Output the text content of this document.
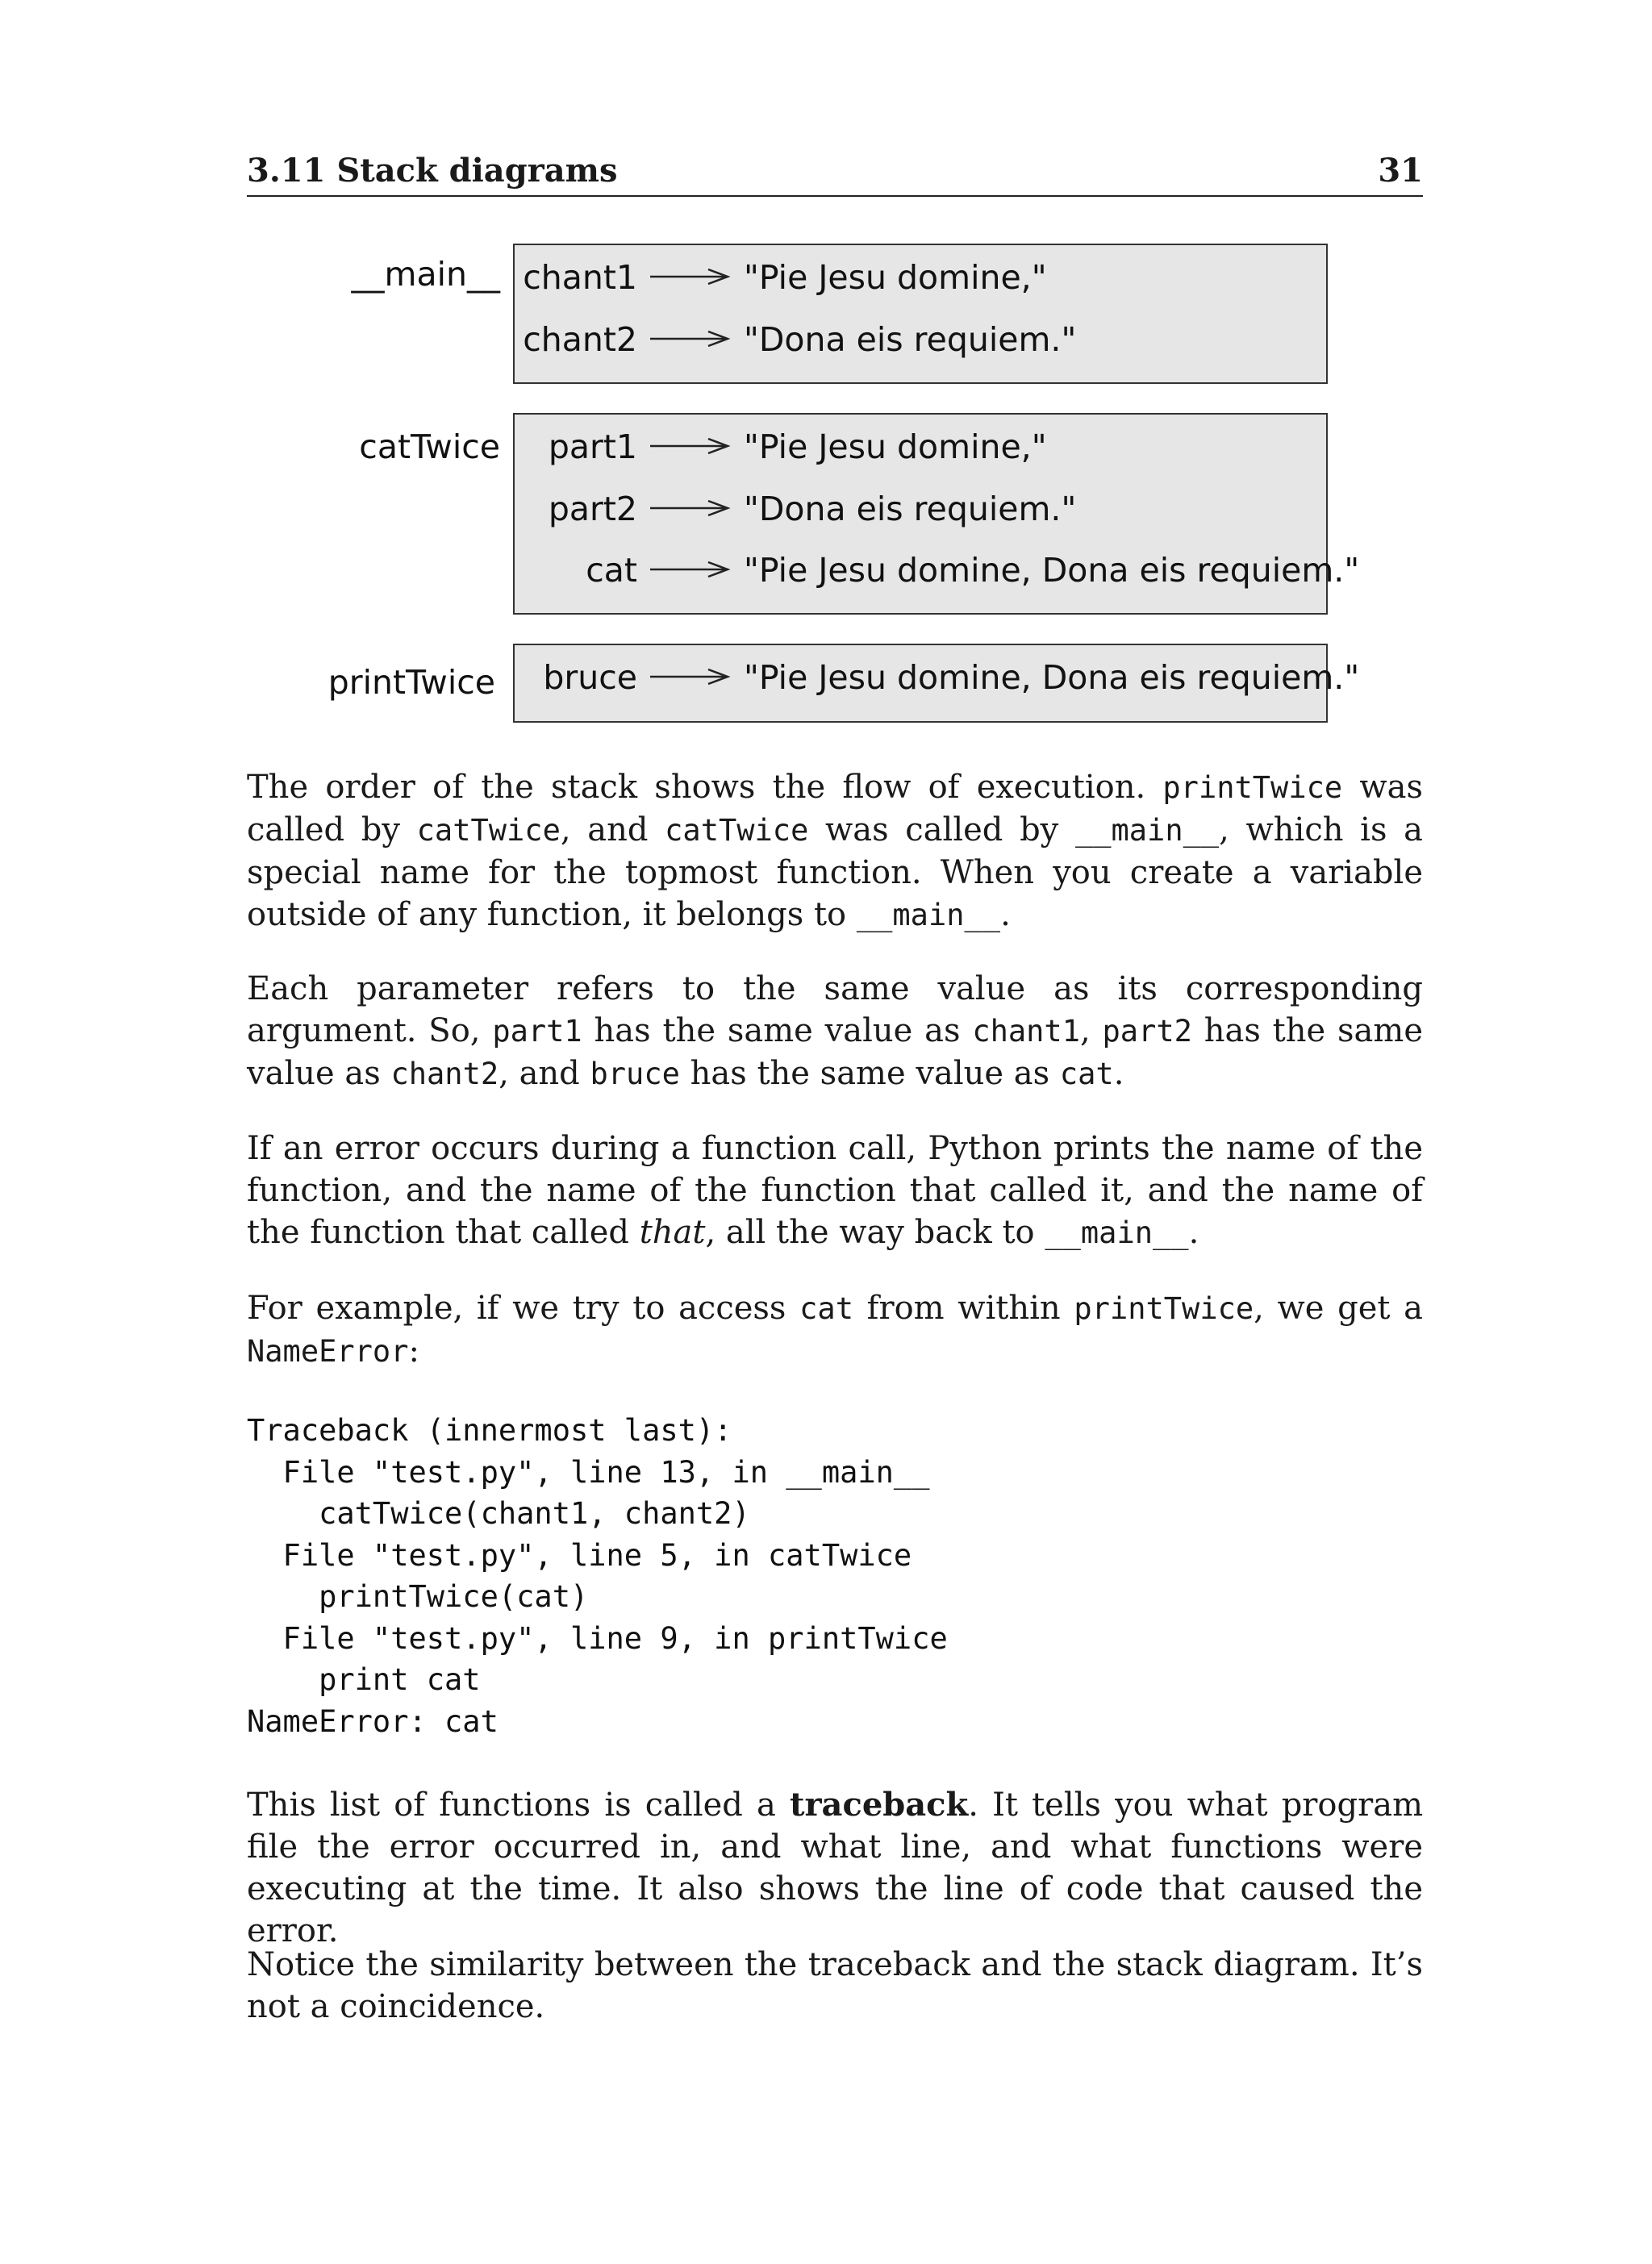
3.11 Stack diagrams	31
__main__ chant1	"Pie Jesu domine,"
chant2	"Dona eis requiem."
catTwice	part1	"Pie Jesu domine,"
part2	"Dona eis requiem."
cat	"Pie Jesu domine, Dona eis requiem."
printTwice	bruce	"Pie Jesu domine, Dona eis requiem."

The order of the stack shows the flow of execution. printTwice was called by catTwice, and catTwice was called by __main__, which is a special name for the topmost function. When you create a variable outside of any function, it belongs to __main__.

Each parameter refers to the same value as its corresponding argument. So, part1 has the same value as chant1, part2 has the same value as chant2, and bruce has the same value as cat.

If an error occurs during a function call, Python prints the name of the function, and the name of the function that called it, and the name of the function that called that, all the way back to __main__.

For example, if we try to access cat from within printTwice, we get a NameError:

Traceback (innermost last):
File "test.py", line 13, in __main__
catTwice(chant1, chant2)
File "test.py", line 5, in catTwice
printTwice(cat)
File "test.py", line 9, in printTwice
print cat
NameError: cat

This list of functions is called a traceback. It tells you what program file the error occurred in, and what line, and what functions were executing at the time. It also shows the line of code that caused the error.

Notice the similarity between the traceback and the stack diagram. It’s not a coincidence.
